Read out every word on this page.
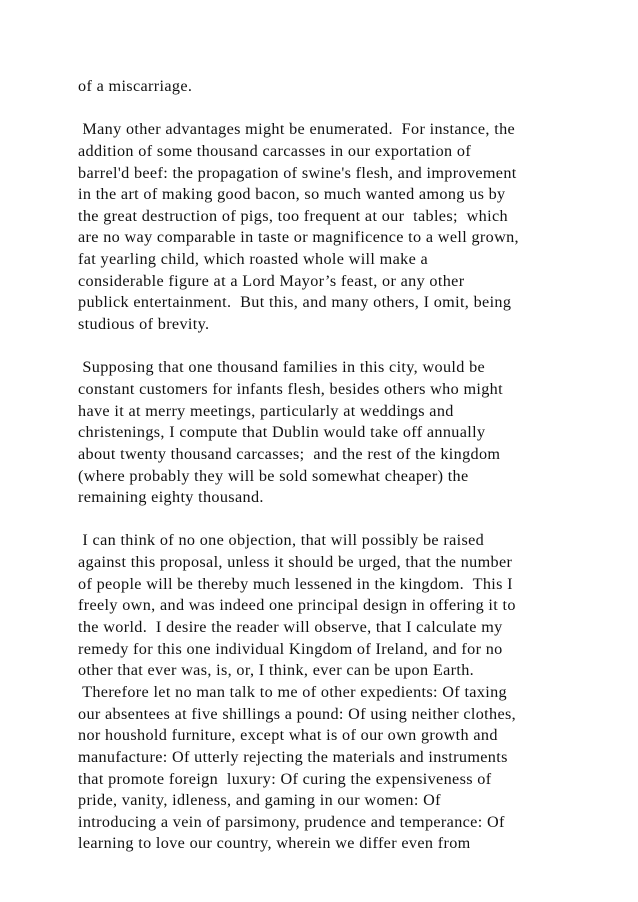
of a miscarriage.
Many other advantages might be enumerated.  For instance, the
addition of some thousand carcasses in our exportation of
barrel'd beef: the propagation of swine's flesh, and improvement
in the art of making good bacon, so much wanted among us by
the great destruction of pigs, too frequent at our  tables;  which
are no way comparable in taste or magnificence to a well grown,
fat yearling child, which roasted whole will make a
considerable figure at a Lord Mayor’s feast, or any other
publick entertainment.  But this, and many others, I omit, being
studious of brevity.
Supposing that one thousand families in this city, would be
constant customers for infants flesh, besides others who might
have it at merry meetings, particularly at weddings and
christenings, I compute that Dublin would take off annually
about twenty thousand carcasses;  and the rest of the kingdom
(where probably they will be sold somewhat cheaper) the
remaining eighty thousand.
I can think of no one objection, that will possibly be raised
against this proposal, unless it should be urged, that the number
of people will be thereby much lessened in the kingdom.  This I
freely own, and was indeed one principal design in offering it to
the world.  I desire the reader will observe, that I calculate my
remedy for this one individual Kingdom of Ireland, and for no
other that ever was, is, or, I think, ever can be upon Earth.
Therefore let no man talk to me of other expedients: Of taxing
our absentees at five shillings a pound: Of using neither clothes,
nor houshold furniture, except what is of our own growth and
manufacture: Of utterly rejecting the materials and instruments
that promote foreign  luxury: Of curing the expensiveness of
pride, vanity, idleness, and gaming in our women: Of
introducing a vein of parsimony, prudence and temperance: Of
learning to love our country, wherein we differ even from
